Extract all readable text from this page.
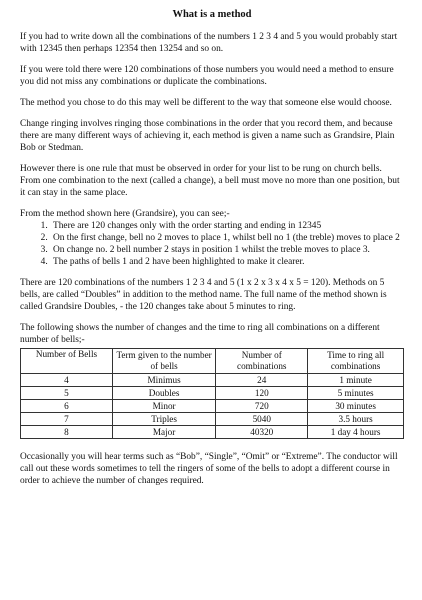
What is a method

If you had to write down all the combinations of the numbers 1 2 3 4 and 5 you would probably start with 12345 then perhaps 12354 then 13254 and so on.

If you were told there were 120 combinations of those numbers you would need a method to ensure you did not miss any combinations or duplicate the combinations.

The method you chose to do this may well be different to the way that someone else would choose.

Change ringing involves ringing those combinations in the order that you record them, and because there are many different ways of achieving it, each method is given a name such as Grandsire, Plain Bob or Stedman.

However there is one rule that must be observed in order for your list to be rung on church bells. From one combination to the next (called a change), a bell must move no more than one position, but it can stay in the same place.

From the method shown here (Grandsire), you can see;-

1. There are 120 changes only with the order starting and ending in 12345
2. On the first change, bell no 2 moves to place 1, whilst bell no 1 (the treble) moves to place 2
3. On change no. 2 bell number 2 stays in position 1 whilst the treble moves to place 3.
4. The paths of bells 1 and 2 have been highlighted to make it clearer.

There are 120 combinations of the numbers 1 2 3 4 and 5 (1 x 2 x 3 x 4 x 5 = 120). Methods on 5 bells, are called “Doubles” in addition to the method name. The full name of the method shown is called Grandsire Doubles, - the 120 changes take about 5 minutes to ring.

The following shows the number of changes and the time to ring all combinations on a different number of bells;-

Number of Bells	Term given to the number of bells	Number of combinations	Time to ring all combinations
4	Minimus	24	1 minute
5	Doubles	120	5 minutes
6	Minor	720	30 minutes
7	Triples	5040	3.5 hours
8	Major	40320	1 day 4 hours

Occasionally you will hear terms such as “Bob”, “Single”, “Omit” or “Extreme”. The conductor will call out these words sometimes to tell the ringers of some of the bells to adopt a different course in order to achieve the number of changes required.
